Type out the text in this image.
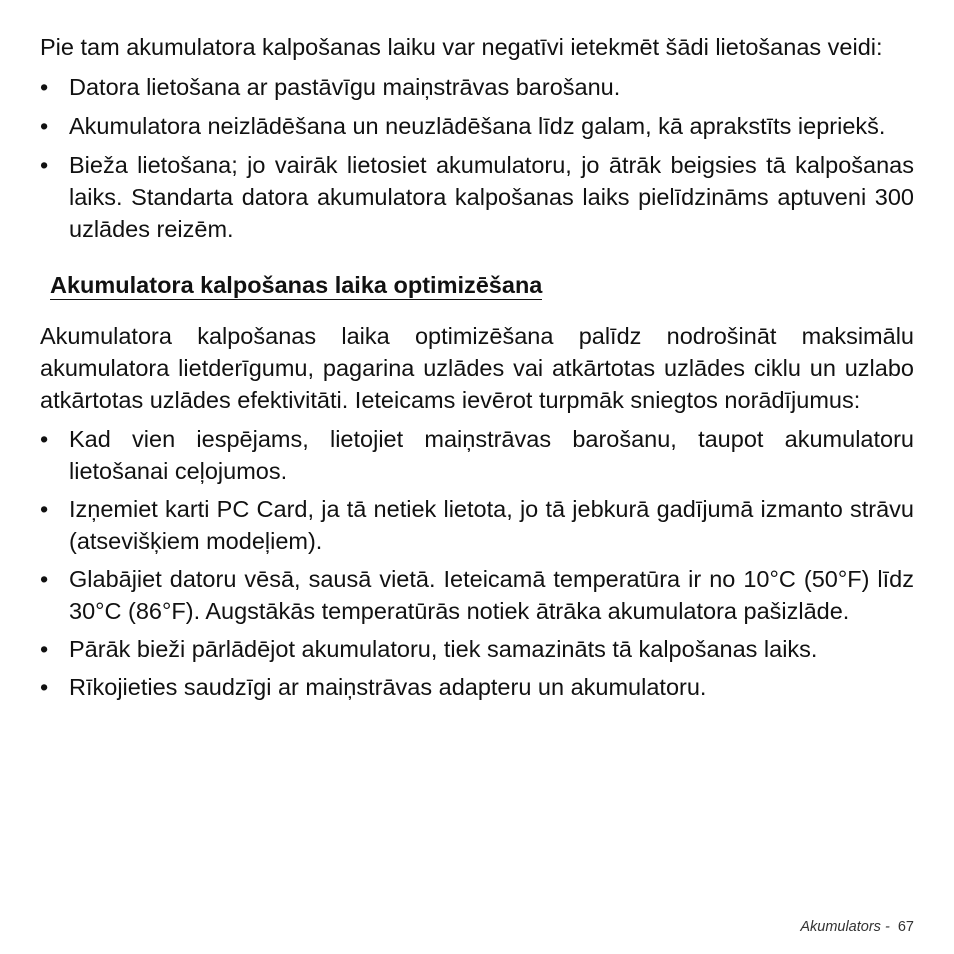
Pie tam akumulatora kalpošanas laiku var negatīvi ietekmēt šādi lietošanas veidi:

• Datora lietošana ar pastāvīgu maiņstrāvas barošanu.
• Akumulatora neizlādēšana un neuzlādēšana līdz galam, kā aprakstīts iepriekš.
• Bieža lietošana; jo vairāk lietosiet akumulatoru, jo ātrāk beigsies tā kalpošanas laiks. Standarta datora akumulatora kalpošanas laiks pielīdzināms aptuveni 300 uzlādes reizēm.
Akumulatora kalpošanas laika optimizēšana

Akumulatora kalpošanas laika optimizēšana palīdz nodrošināt maksimālu akumulatora lietderīgumu, pagarina uzlādes vai atkārtotas uzlādes ciklu un uzlabo atkārtotas uzlādes efektivitāti. Ieteicams ievērot turpmāk sniegtos norādījumus:

• Kad vien iespējams, lietojiet maiņstrāvas barošanu, taupot akumulatoru lietošanai ceļojumos.
• Izņemiet karti PC Card, ja tā netiek lietota, jo tā jebkurā gadījumā izmanto strāvu (atsevišķiem modeļiem).
• Glabājiet datoru vēsā, sausā vietā. Ieteicamā temperatūra ir no 10°C (50°F) līdz 30°C (86°F). Augstākās temperatūrās notiek ātrāka akumulatora pašizlāde.
• Pārāk bieži pārlādējot akumulatoru, tiek samazināts tā kalpošanas laiks.
• Rīkojieties saudzīgi ar maiņstrāvas adapteru un akumulatoru.
Akumulators - 67
